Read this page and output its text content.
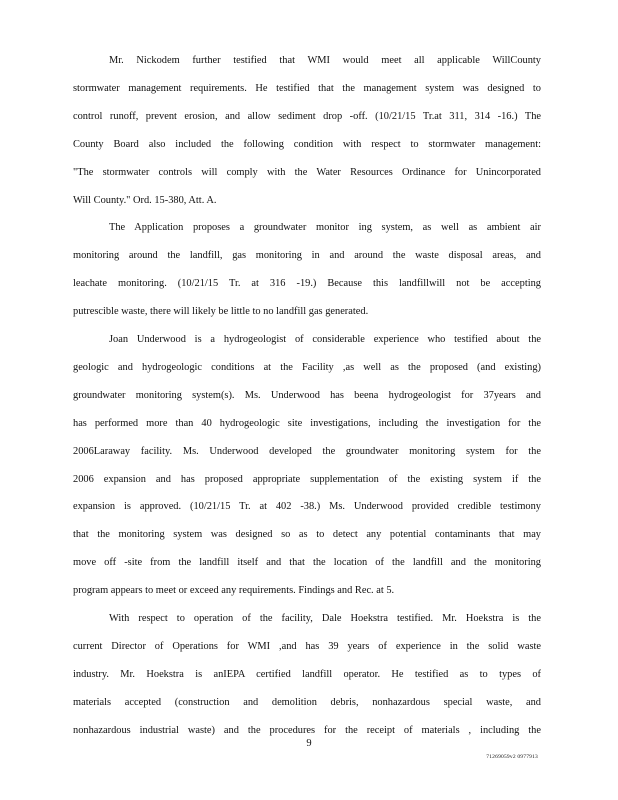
Mr. Nickodem further testified that WMI would meet all applicable WillCounty
stormwater management requirements. He testified that the management system was designed to
control runoff, prevent erosion, and allow sediment drop -off. (10/21/15 Tr.at 311, 314 -16.) The
County Board also included the following condition with respect to stormwater management:
"The stormwater controls will comply with the Water Resources Ordinance for Unincorporated
Will County." Ord. 15-380, Att. A.
The Application proposes a groundwater monitor ing system, as well as ambient air
monitoring around the landfill, gas monitoring in and around the waste disposal areas, and
leachate monitoring. (10/21/15 Tr. at 316 -19.) Because this landfillwill not be accepting
putrescible waste, there will likely be little to no landfill gas generated.
Joan Underwood is a hydrogeologist of considerable experience who testified about the
geologic and hydrogeologic conditions at the Facility ,as well as the proposed (and existing)
groundwater monitoring system(s). Ms. Underwood has beena hydrogeologist for 37years and
has performed more than 40 hydrogeologic site investigations, including the investigation for the
2006Laraway facility. Ms. Underwood developed the groundwater monitoring system for the
2006 expansion and has proposed appropriate supplementation of the existing system if the
expansion is approved. (10/21/15 Tr. at 402 -38.) Ms. Underwood provided credible testimony
that the monitoring system was designed so as to detect any potential contaminants that may
move off -site from the landfill itself and that the location of the landfill and the monitoring
program appears to meet or exceed any requirements. Findings and Rec. at 5.
With respect to operation of the facility, Dale Hoekstra testified. Mr. Hoekstra is the
current Director of Operations for WMI ,and has 39 years of experience in the solid waste
industry. Mr. Hoekstra is anIEPA certified landfill operator. He testified as to types of
materials accepted (construction and demolition debris, nonhazardous special waste, and
nonhazardous industrial waste) and the procedures for the receipt of materials , including the
9
71269059v2 0977913
